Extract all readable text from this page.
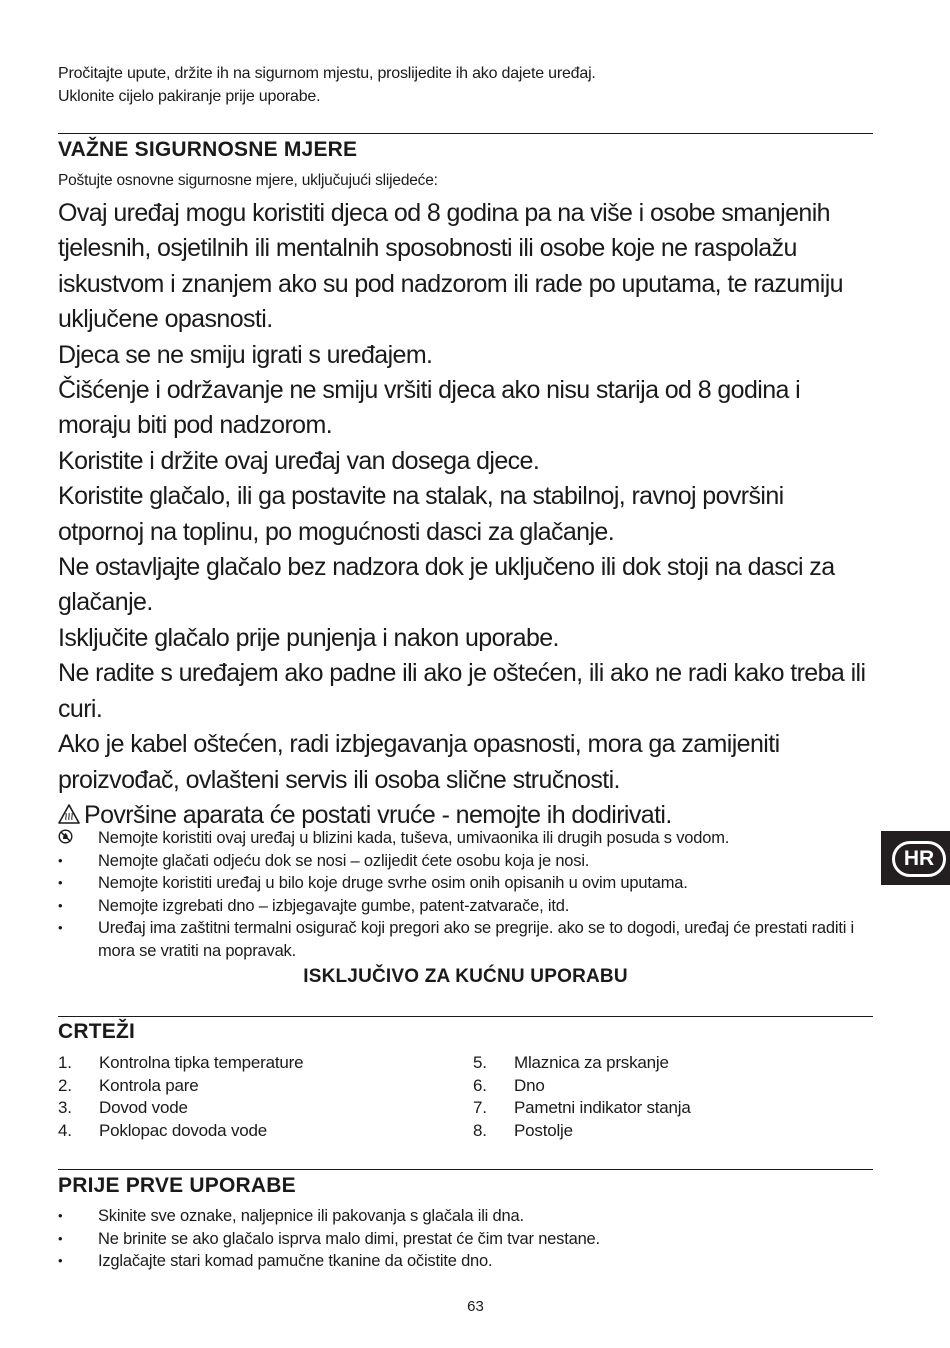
Pročitajte upute, držite ih na sigurnom mjestu, proslijedite ih ako dajete uređaj.
Uklonite cijelo pakiranje prije uporabe.
VAŽNE SIGURNOSNE MJERE
Poštujte osnovne sigurnosne mjere, uključujući slijedeće:

Ovaj uređaj mogu koristiti djeca od 8 godina pa na više i osobe smanjenih tjelesnih, osjetilnih ili mentalnih sposobnosti ili osobe koje ne raspolažu iskustvom i znanjem ako su pod nadzorom ili rade po uputama, te razumiju uključene opasnosti.

Djeca se ne smiju igrati s uređajem.

Čišćenje i održavanje ne smiju vršiti djeca ako nisu starija od 8 godina i moraju biti pod nadzorom.

Koristite i držite ovaj uređaj van dosega djece.

Koristite glačalo, ili ga postavite na stalak, na stabilnoj, ravnoj površini otpornoj na toplinu, po mogućnosti dasci za glačanje.

Ne ostavljajte glačalo bez nadzora dok je uključeno ili dok stoji na dasci za glačanje.

Isključite glačalo prije punjenja i nakon uporabe.

Ne radite s uređajem ako padne ili ako je oštećen, ili ako ne radi kako treba ili curi.

Ako je kabel oštećen, radi izbjegavanja opasnosti, mora ga zamijeniti proizvođač, ovlašteni servis ili osoba slične stručnosti.

Površine aparata će postati vruće - nemojte ih dodirivati.

Nemojte koristiti ovaj uređaj u blizini kada, tuševa, umivaonika ili drugih posuda s vodom.
•	Nemojte glačati odjeću dok se nosi – ozlijedit ćete osobu koja je nosi.
•	Nemojte koristiti uređaj u bilo koje druge svrhe osim onih opisanih u ovim uputama.
•	Nemojte izgrebati dno – izbjegavajte gumbe, patent-zatvarače, itd.
•	Uređaj ima zaštitni termalni osigurač koji pregori ako se pregrije. ako se to dogodi, uređaj će prestati raditi i mora se vratiti na popravak.
ISKLJUČIVO ZA KUĆNU UPORABU
CRTEŽI
1.	Kontrolna tipka temperature
2.	Kontrola pare
3.	Dovod vode
4.	Poklopac dovoda vode
5.	Mlaznica za prskanje
6.	Dno
7.	Pametni indikator stanja
8.	Postolje
PRIJE PRVE UPORABE
•	Skinite sve oznake, naljepnice ili pakovanja s glačala ili dna.
•	Ne brinite se ako glačalo isprva malo dimi, prestat će čim tvar nestane.
•	Izglačajte stari komad pamučne tkanine da očistite dno.
63
HR
